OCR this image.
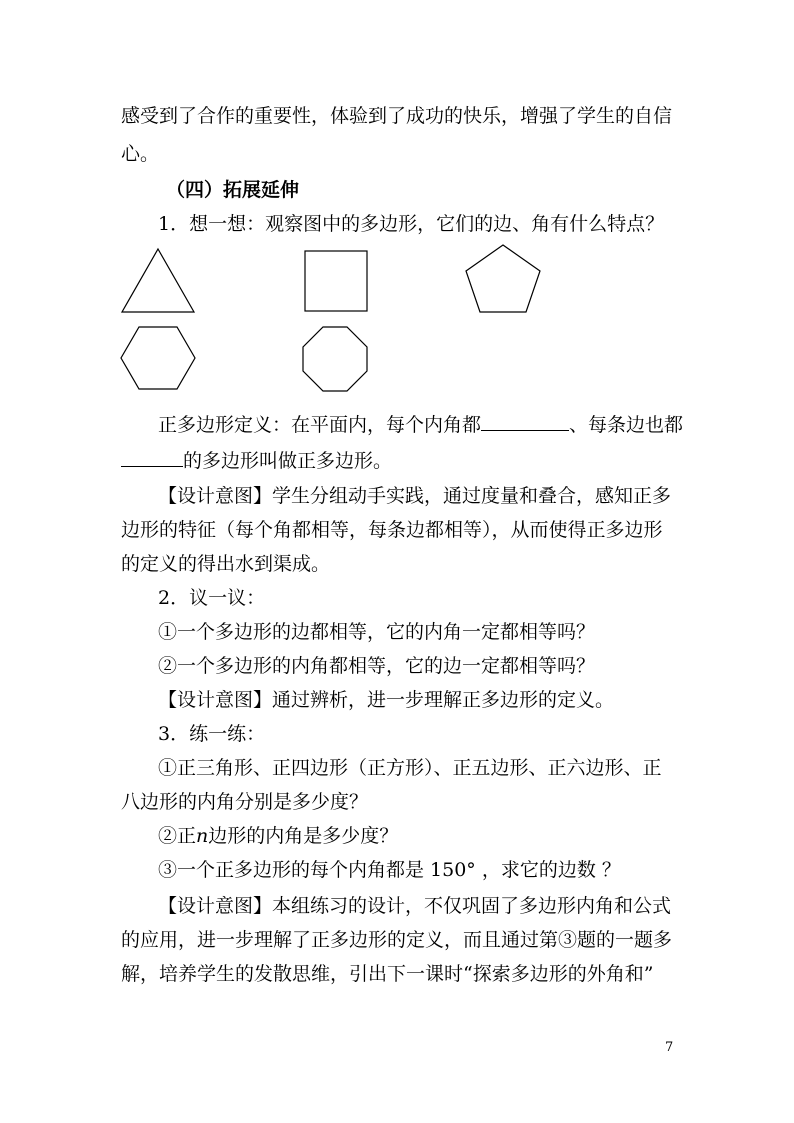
感受到了合作的重要性，体验到了成功的快乐，增强了学生的自信
心。
（四）拓展延伸
1．想一想：观察图中的多边形，它们的边、角有什么特点？
正多边形定义：在平面内，每个内角都	、每条边也都
的多边形叫做正多边形。
【设计意图】学生分组动手实践，通过度量和叠合，感知正多
边形的特征（每个角都相等，每条边都相等），从而使得正多边形
的定义的得出水到渠成。
2．议一议：
①一个多边形的边都相等，它的内角一定都相等吗？
②一个多边形的内角都相等，它的边一定都相等吗？
【设计意图】通过辨析，进一步理解正多边形的定义。
3．练一练：
①正三角形、正四边形（正方形）、正五边形、正六边形、正
八边形的内角分别是多少度？
②正n边形的内角是多少度？
③一个正多边形的每个内角都是 150° ，求它的边数 ？
【设计意图】本组练习的设计，不仅巩固了多边形内角和公式
的应用，进一步理解了正多边形的定义，而且通过第③题的一题多
解，培养学生的发散思维，引出下一课时“探索多边形的外角和”
7
